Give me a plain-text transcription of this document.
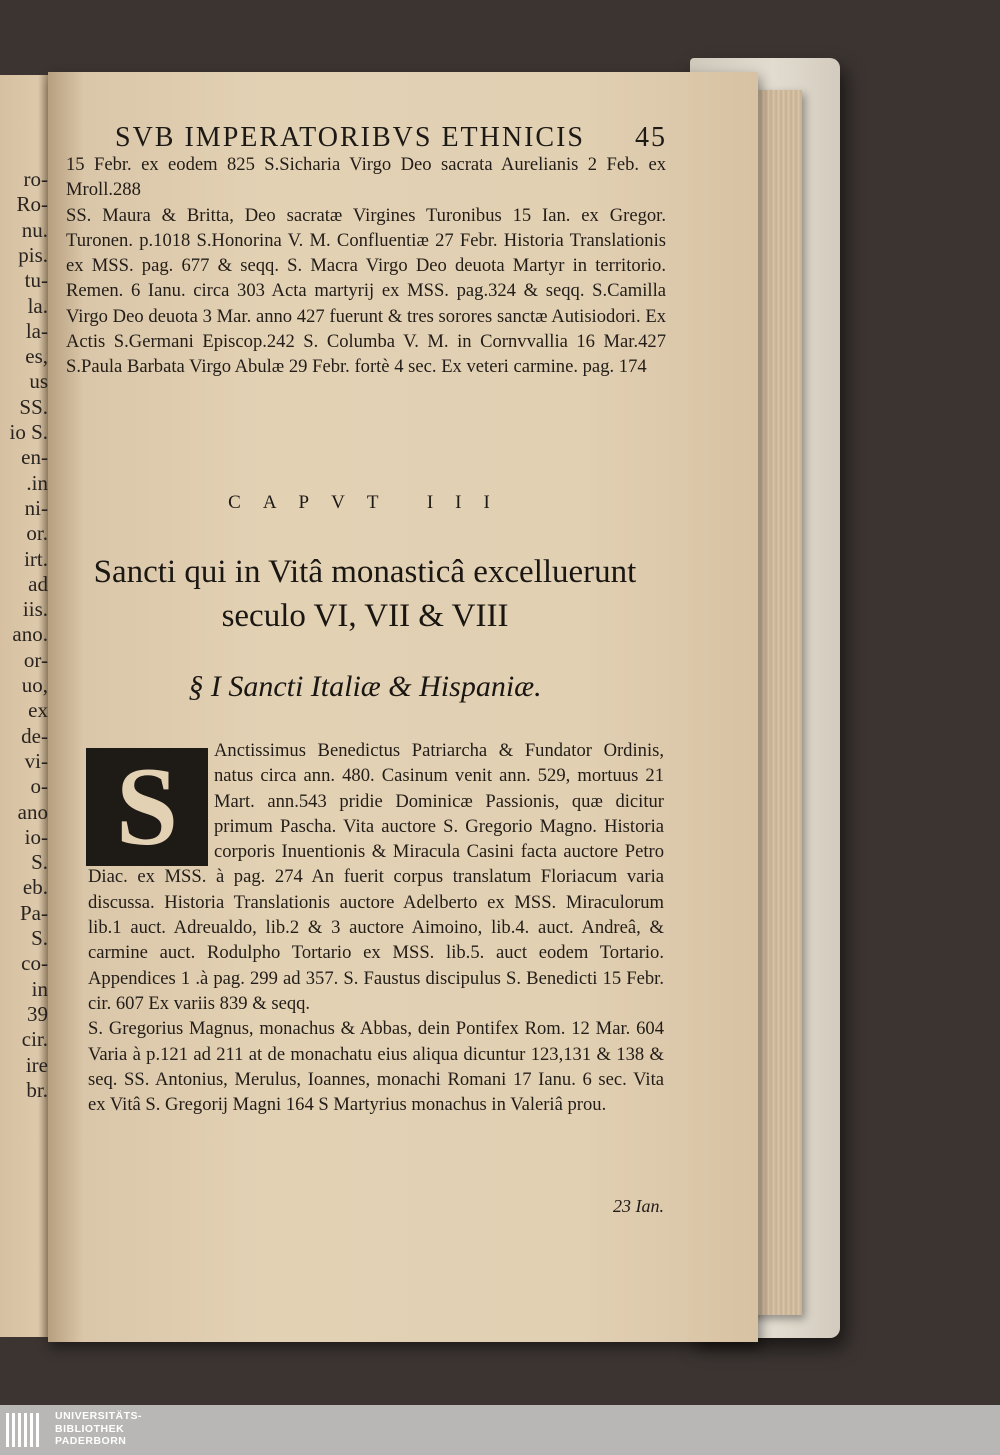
ro-
Ro-
nu.
pis.
tu-
la.
la-
es,
us
SS.
io S.
en-
.in
ni-
or.
irt.
ad
iis.
ano.
or-
uo,
ex
de-
vi-
o-
ano
io-
S.
eb.
Pa-
S.
co-
in
39
cir.
ire
br.
SVB IMPERATORIBVS ETHNICIS 45

15 Febr. ex eodem 825 S.Sicharia Virgo Deo sacrata Aurelianis 2 Feb. ex Mroll.288

SS. Maura & Britta, Deo sacratæ Virgines Turonibus 15 Ian. ex Gregor. Turonen. p.1018 S.Honorina V. M. Confluentiæ 27 Febr. Historia Translationis ex MSS. pag. 677 & seqq. S. Macra Virgo Deo deuota Martyr in territorio. Remen. 6 Ianu. circa 303 Acta martyrij ex MSS. pag.324 & seqq. S.Camilla Virgo Deo deuota 3 Mar. anno 427 fuerunt & tres sorores sanctæ Autisiodori. Ex Actis S.Germani Episcop.242 S. Columba V. M. in Cornvvallia 16 Mar.427 S.Paula Barbata Virgo Abulæ 29 Febr. fortè 4 sec. Ex veteri carmine. pag. 174

CAPVT III
Sancti qui in Vitâ monasticâ excelluerunt seculo VI, VII & VIII
§ I Sancti Italiæ & Hispaniæ.

Anctissimus Benedictus Patriarcha & Fundator Ordinis, natus circa ann. 480. Casinum venit ann. 529, mortuus 21 Mart. ann.543 pridie Dominicæ Passionis, quæ dicitur primum Pascha. Vita auctore S. Gregorio Magno. Historia corporis Inuentionis & Miracula Casini facta auctore Petro Diac. ex MSS. à pag. 274 An fuerit corpus translatum Floriacum varia discussa. Historia Translationis auctore Adelberto ex MSS. Miraculorum lib.1 auct. Adreualdo, lib.2 & 3 auctore Aimoino, lib.4. auct. Andreâ, & carmine auct. Rodulpho Tortario ex MSS. lib.5. auct eodem Tortario. Appendices 1 .à pag. 299 ad 357. S. Faustus discipulus S. Benedicti 15 Febr. cir. 607 Ex variis 839 & seqq.

S. Gregorius Magnus, monachus & Abbas, dein Pontifex Rom. 12 Mar. 604 Varia à p.121 ad 211 at de monachatu eius aliqua dicuntur 123,131 & 138 & seq. SS. Antonius, Merulus, Ioannes, monachi Romani 17 Ianu. 6 sec. Vita ex Vitâ S. Gregorij Magni 164 S Martyrius monachus in Valeriâ prou.

S
23 Ian.
UNIVERSITÄTS-
BIBLIOTHEK
PADERBORN
